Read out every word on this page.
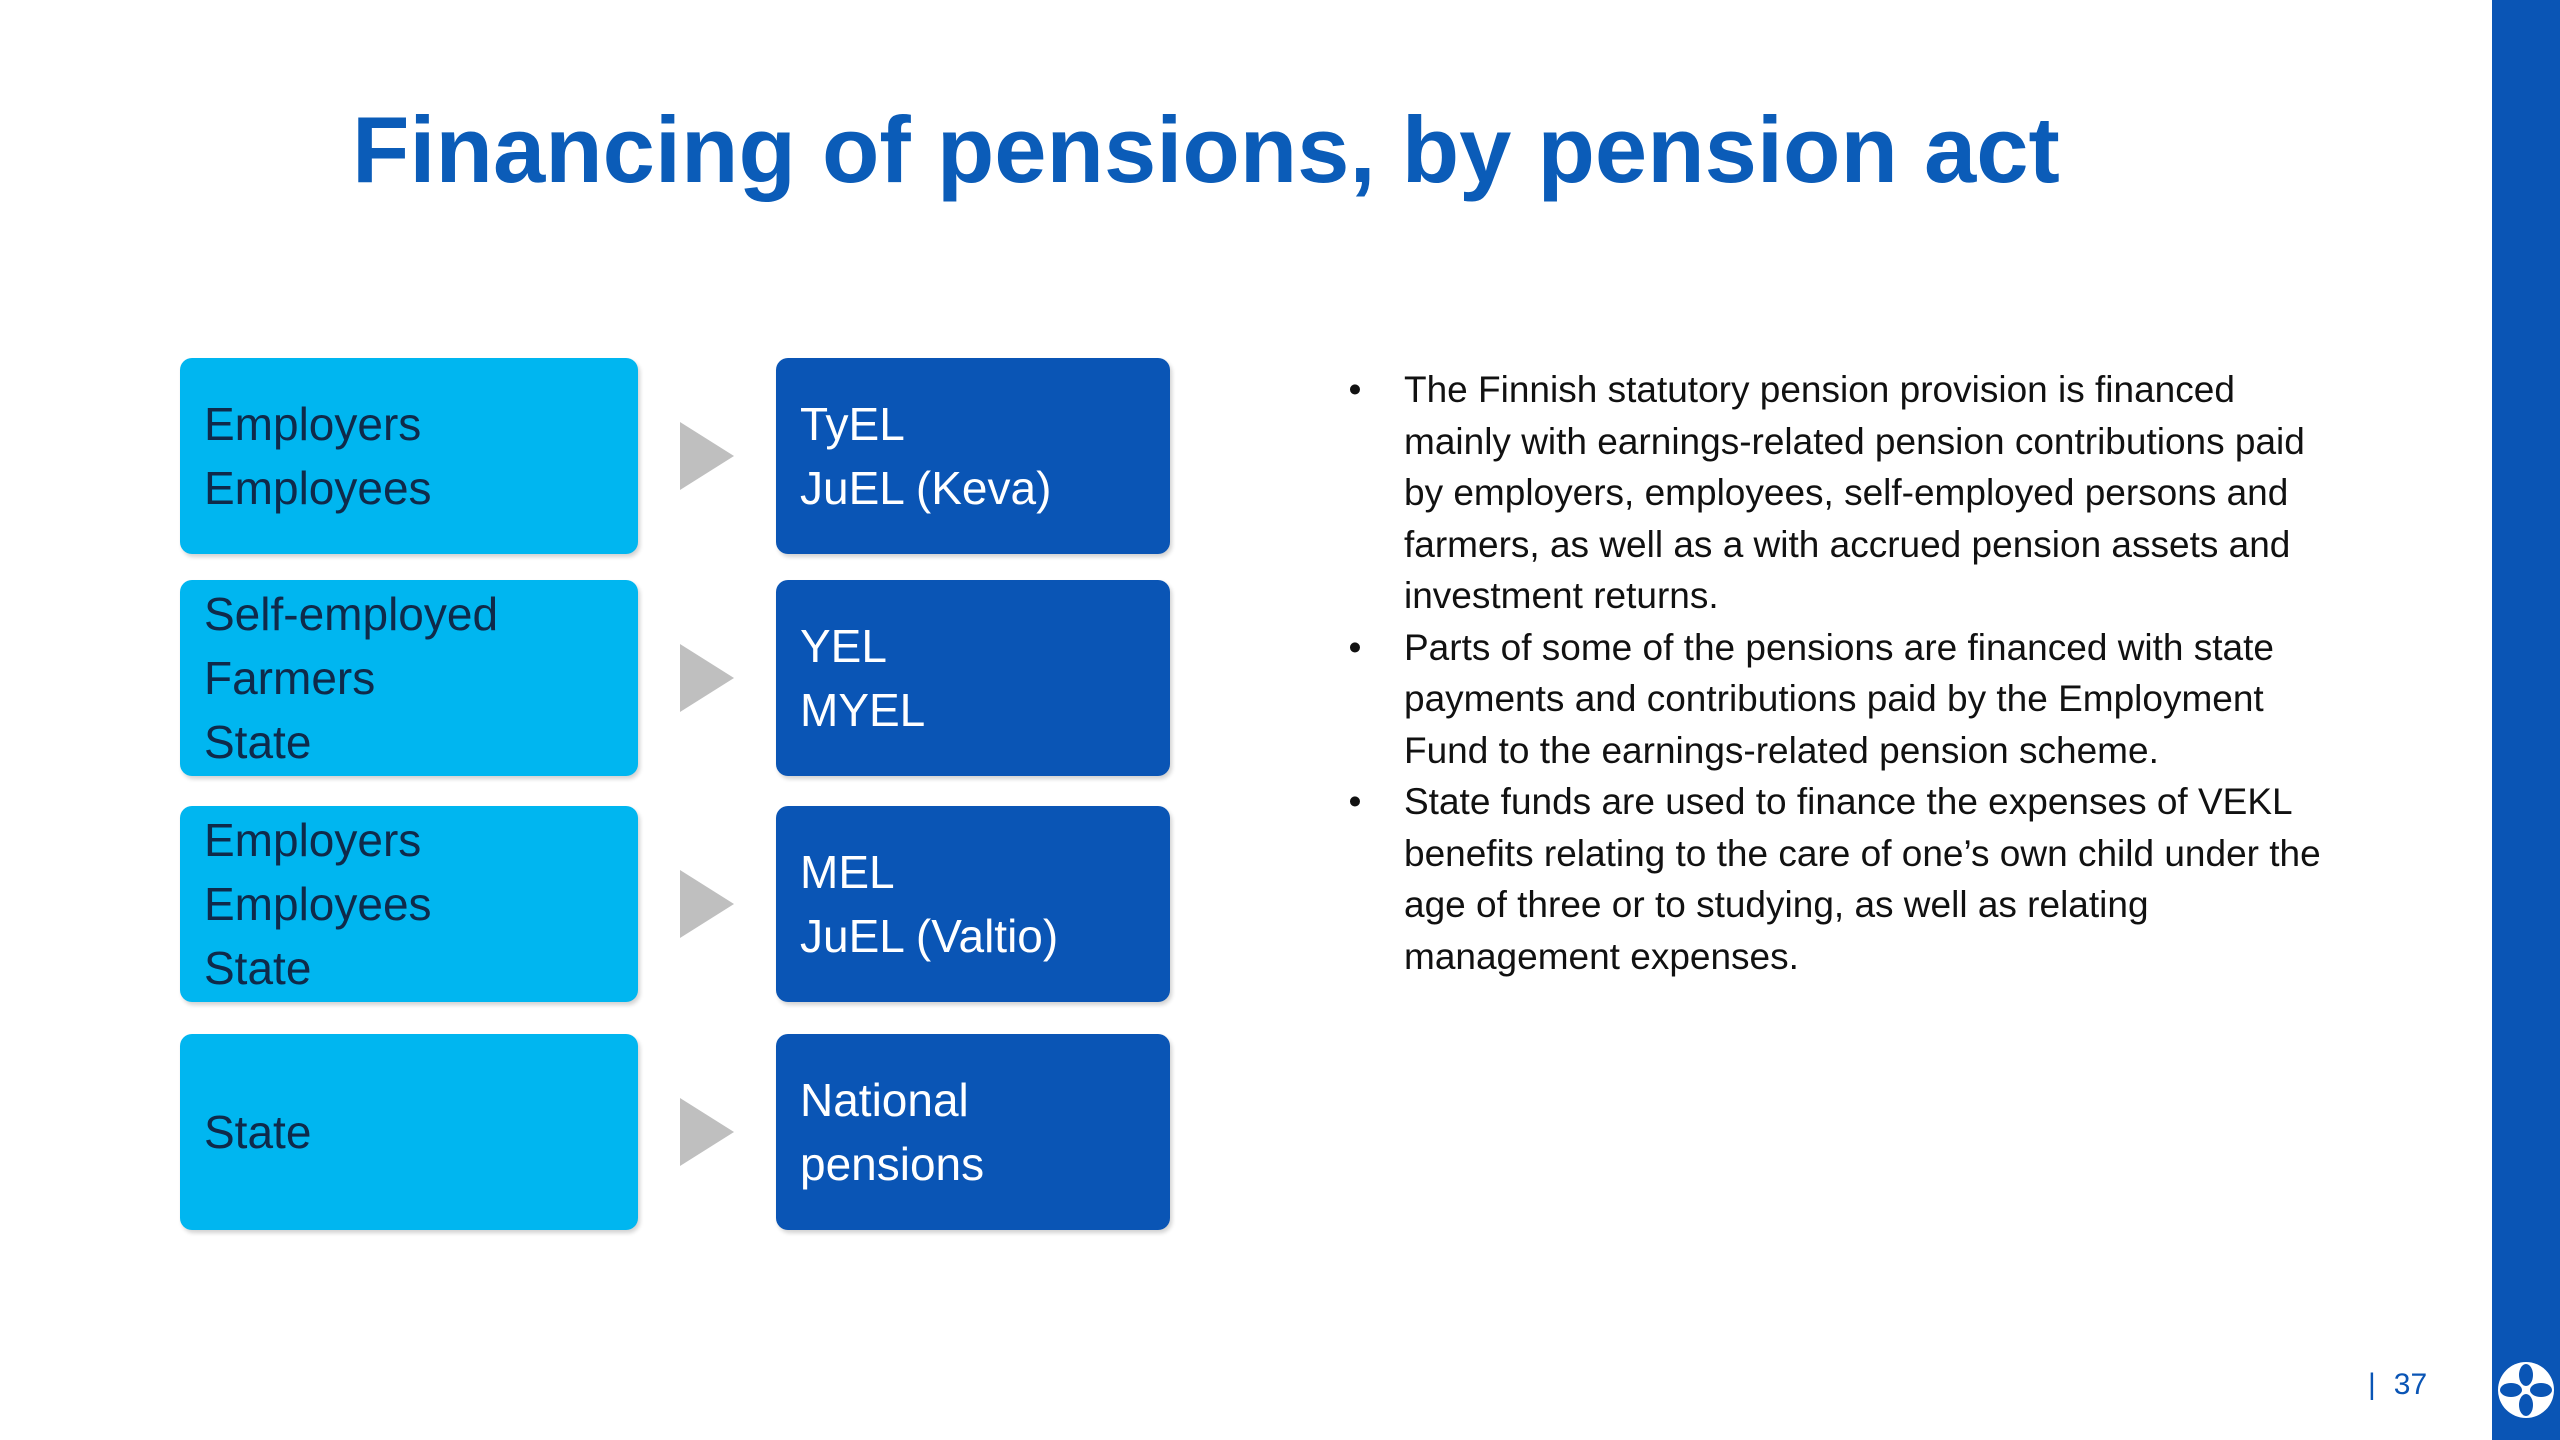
Financing of pensions, by pension act
Employers
Employees
TyEL
JuEL (Keva)
Self-employed
Farmers
State
YEL
MYEL
Employers
Employees
State
MEL
JuEL (Valtio)
State
National
pensions
• The Finnish statutory pension provision is financed mainly with earnings-related pension contributions paid by employers, employees, self-employed persons and farmers, as well as a with accrued pension assets and investment returns.
• Parts of some of the pensions are financed with state payments and contributions paid by the Employment Fund to the earnings-related pension scheme.
• State funds are used to finance the expenses of VEKL benefits relating to the care of one’s own child under the age of three or to studying, as well as relating management expenses.
| 37
